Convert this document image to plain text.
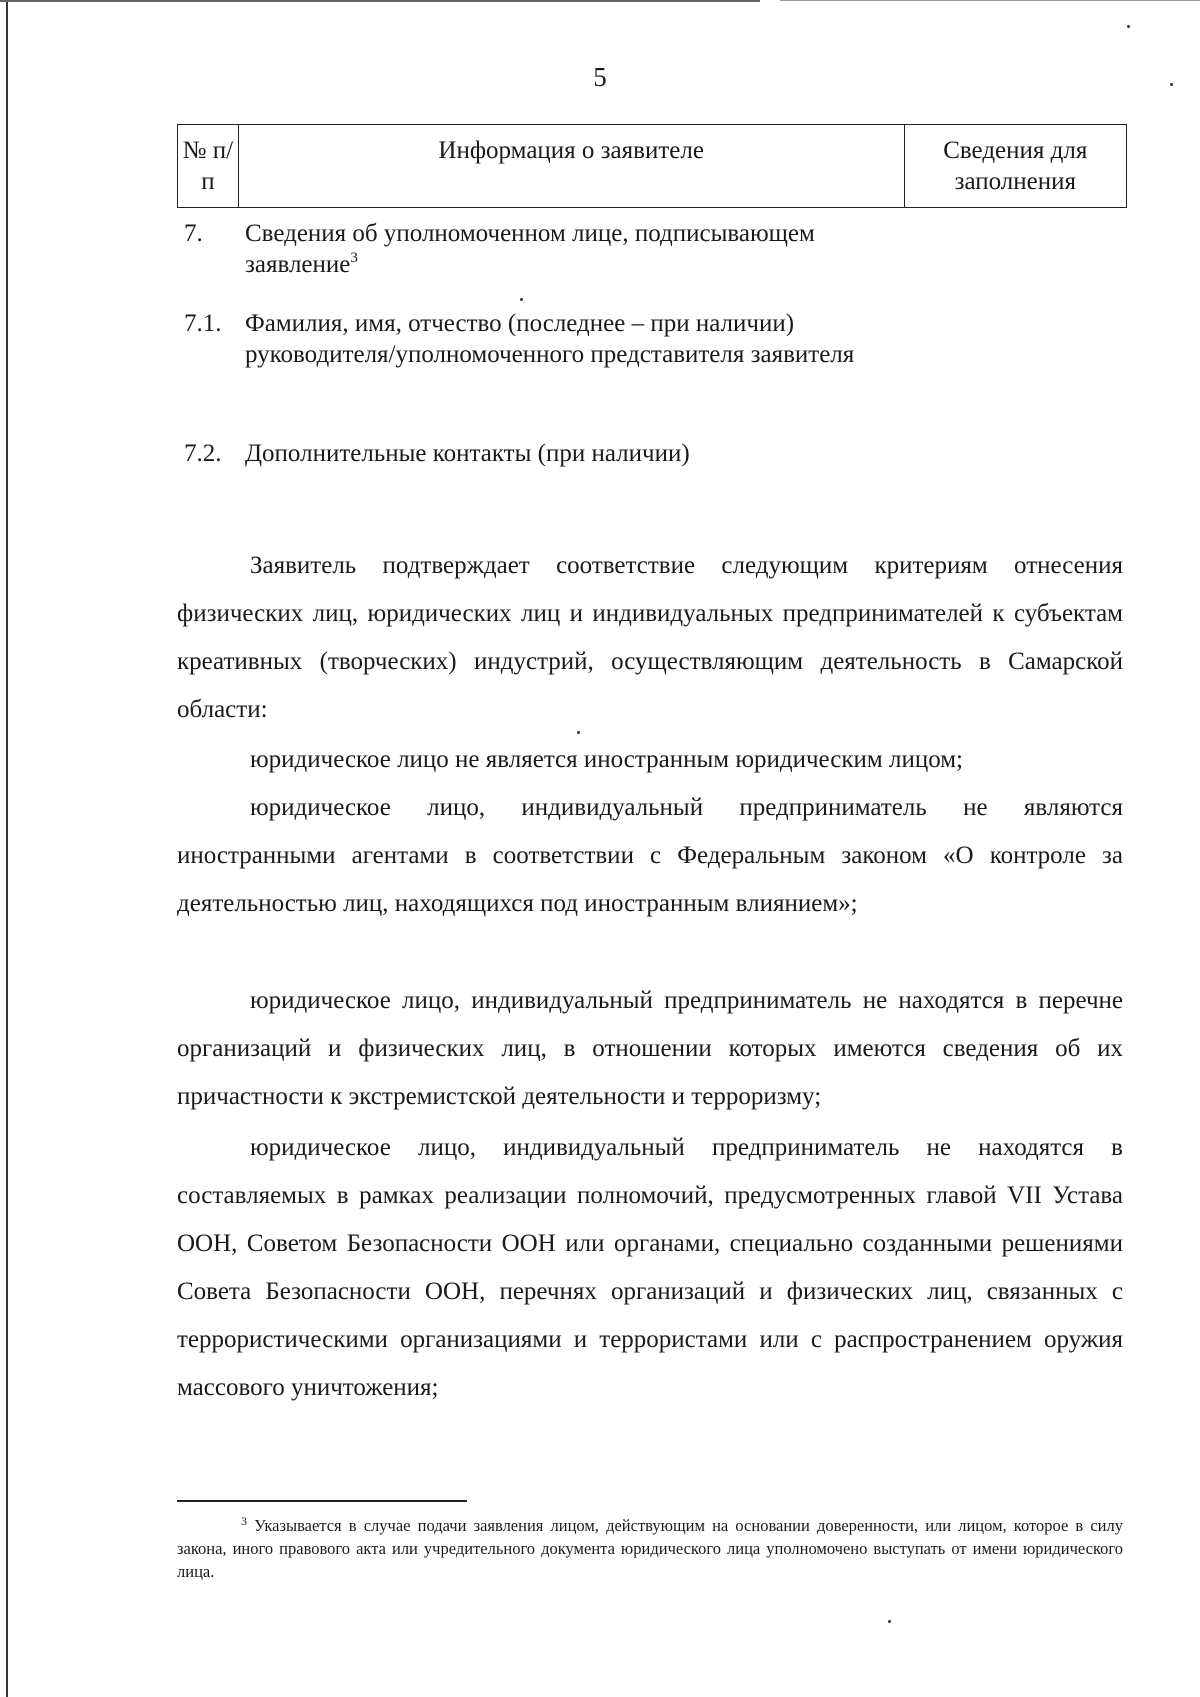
5
№ п/п	Информация о заявителе	Сведения для заполнения
7.	Сведения об уполномоченном лице, подписывающем заявление$^3$
7.1. Фамилия, имя, отчество (последнее – при наличии) руководителя/уполномоченного представителя заявителя
7.2. Дополнительные контакты (при наличии)

Заявитель подтверждает соответствие следующим критериям отнесения физических лиц, юридических лиц и индивидуальных предпринимателей к субъектам креативных (творческих) индустрий, осуществляющим деятельность в Самарской области:

юридическое лицо не является иностранным юридическим лицом;

юридическое лицо, индивидуальный предприниматель не являются иностранными агентами в соответствии с Федеральным законом «О контроле за деятельностью лиц, находящихся под иностранным влиянием»;

юридическое лицо, индивидуальный предприниматель не находятся в перечне организаций и физических лиц, в отношении которых имеются сведения об их причастности к экстремистской деятельности и терроризму;

юридическое лицо, индивидуальный предприниматель не находятся в составляемых в рамках реализации полномочий, предусмотренных главой VII Устава ООН, Советом Безопасности ООН или органами, специально созданными решениями Совета Безопасности ООН, перечнях организаций и физических лиц, связанных с террористическими организациями и террористами или с распространением оружия массового уничтожения;

$^3$ Указывается в случае подачи заявления лицом, действующим на основании доверенности, или лицом, которое в силу закона, иного правового акта или учредительного документа юридического лица уполномочено выступать от имени юридического лица.
